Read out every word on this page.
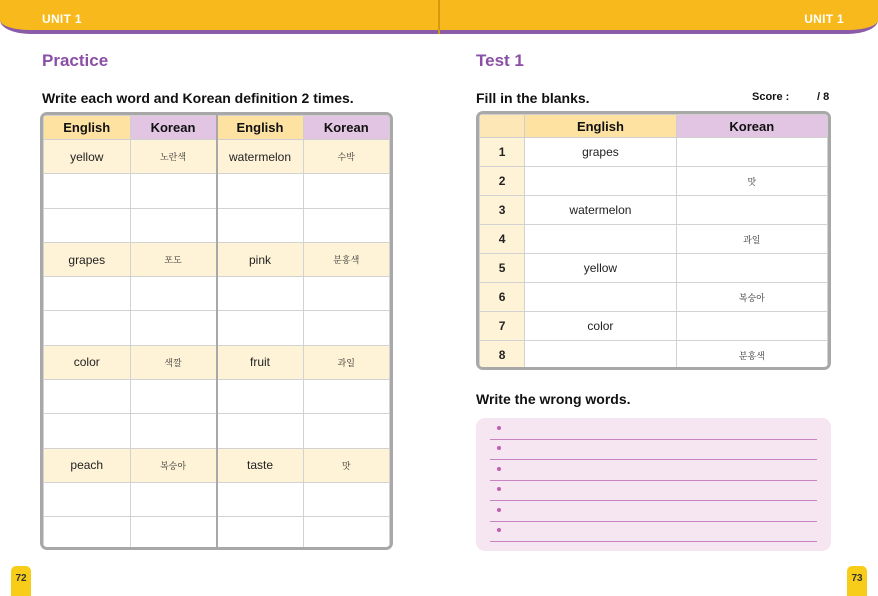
UNIT 1	UNIT 1
Practice
Write each word and Korean definition 2 times.
English	Korean	English	Korean
yellow	노란색	watermelon	수박

grapes	포도	pink	분홍색

color	색깔	fruit	과일

peach	복숭아	taste	맛

72
Test 1
Fill in the blanks.	Score :	/ 8
	English	Korean
1	grapes	
2		맛
3	watermelon	
4		과일
5	yellow	
6		복숭아
7	color	
8		분홍색
Write the wrong words.
73
